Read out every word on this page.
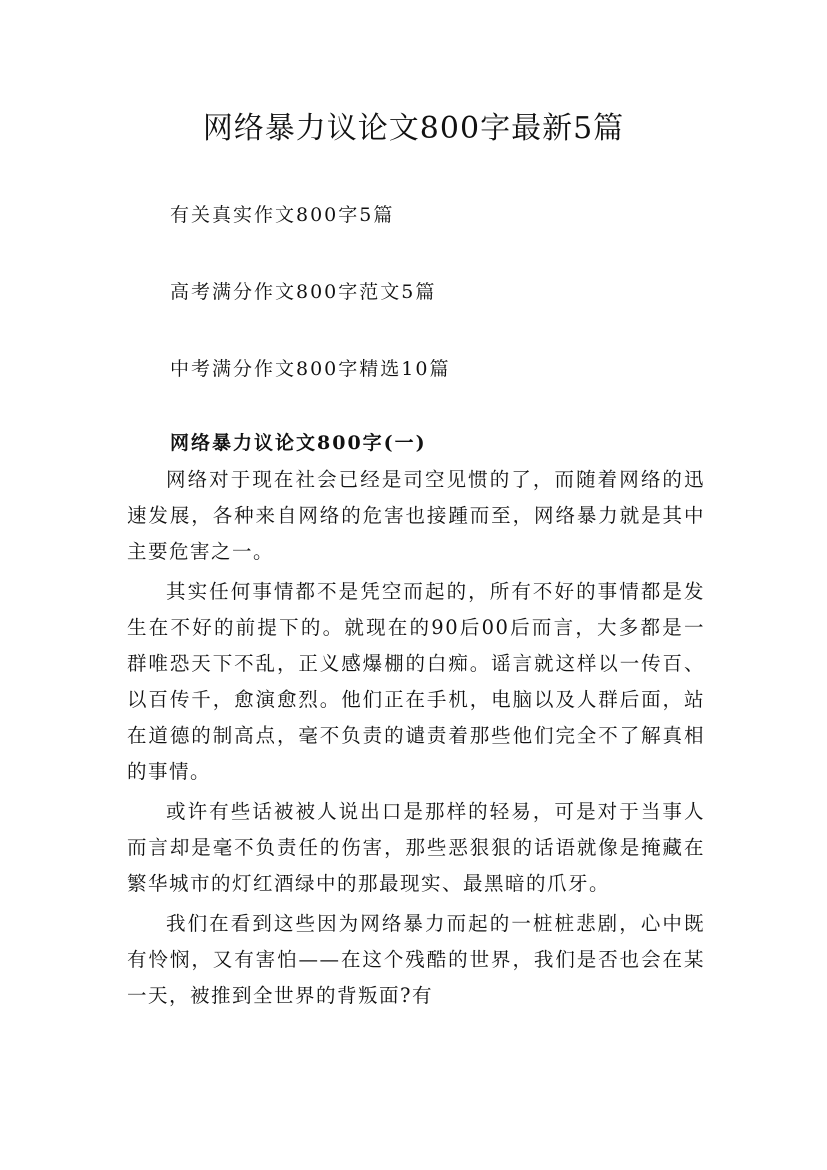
网络暴力议论文800字最新5篇

有关真实作文800字5篇

高考满分作文800字范文5篇

中考满分作文800字精选10篇

网络暴力议论文800字(一)

网络对于现在社会已经是司空见惯的了，而随着网络的迅速发展，各种来自网络的危害也接踵而至，网络暴力就是其中主要危害之一。

其实任何事情都不是凭空而起的，所有不好的事情都是发生在不好的前提下的。就现在的90后00后而言，大多都是一群唯恐天下不乱，正义感爆棚的白痴。谣言就这样以一传百、以百传千，愈演愈烈。他们正在手机，电脑以及人群后面，站在道德的制高点，毫不负责的谴责着那些他们完全不了解真相的事情。

或许有些话被被人说出口是那样的轻易，可是对于当事人而言却是毫不负责任的伤害，那些恶狠狠的话语就像是掩藏在繁华城市的灯红酒绿中的那最现实、最黑暗的爪牙。

我们在看到这些因为网络暴力而起的一桩桩悲剧，心中既有怜悯，又有害怕——在这个残酷的世界，我们是否也会在某一天，被推到全世界的背叛面?有
